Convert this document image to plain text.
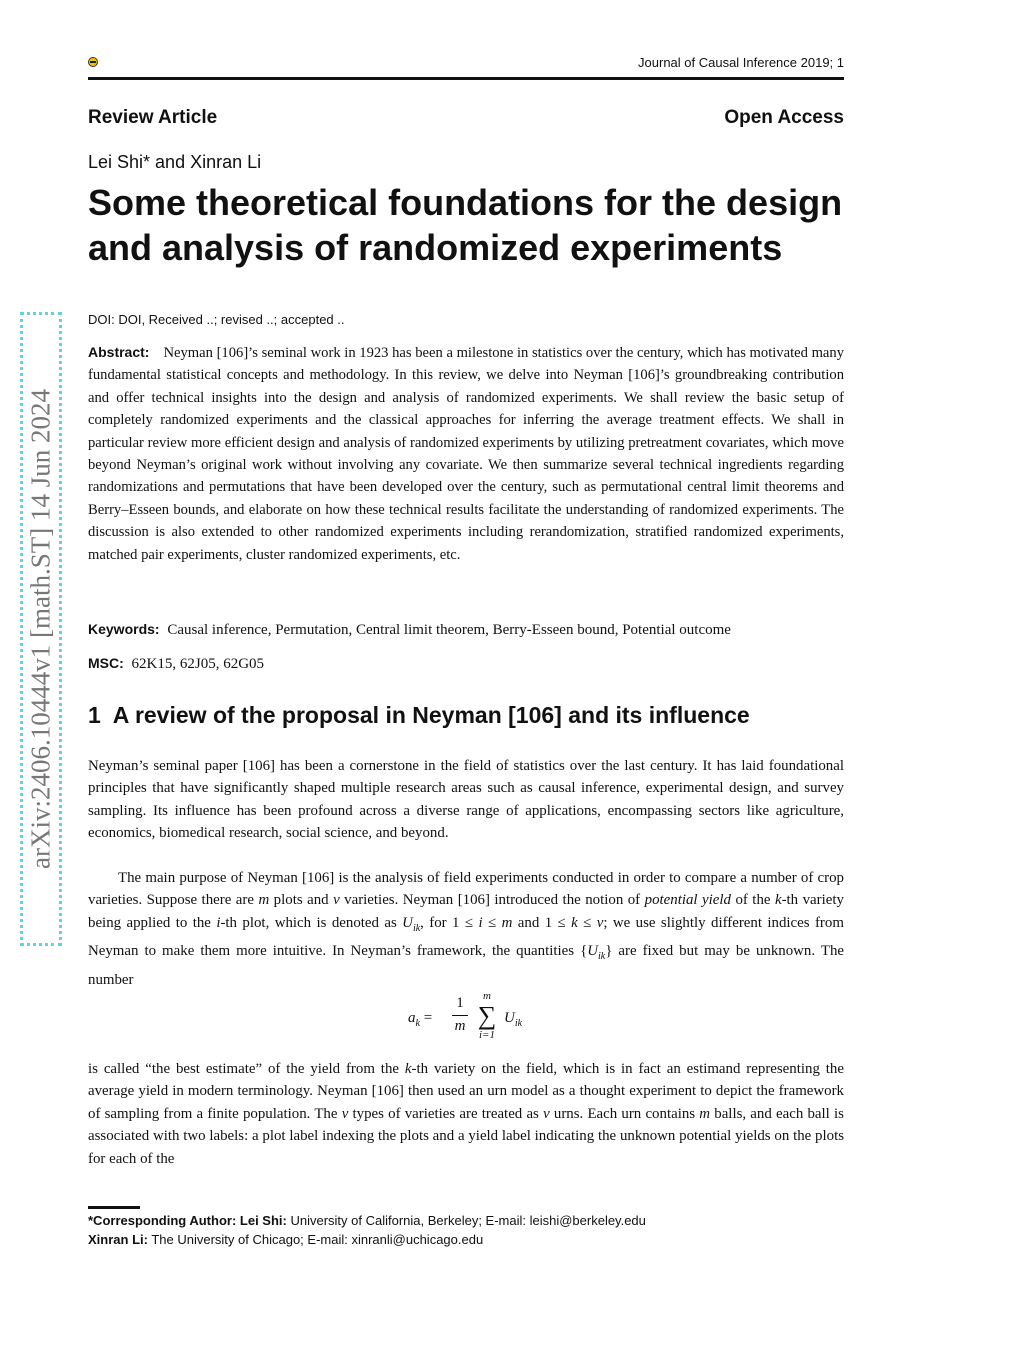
Journal of Causal Inference 2019; 1
Review Article	Open Access
Lei Shi* and Xinran Li
Some theoretical foundations for the design and analysis of randomized experiments
arXiv:2406.10444v1 [math.ST] 14 Jun 2024
DOI: DOI, Received ..; revised ..; accepted ..
Abstract: Neyman [106]’s seminal work in 1923 has been a milestone in statistics over the century, which has motivated many fundamental statistical concepts and methodology. In this review, we delve into Neyman [106]’s groundbreaking contribution and offer technical insights into the design and analysis of randomized experiments. We shall review the basic setup of completely randomized experiments and the classical approaches for inferring the average treatment effects. We shall in particular review more efficient design and analysis of randomized experiments by utilizing pretreatment covariates, which move beyond Neyman’s original work without involving any covariate. We then summarize several technical ingredients regarding randomizations and permutations that have been developed over the century, such as permutational central limit theorems and Berry–Esseen bounds, and elaborate on how these technical results facilitate the understanding of randomized experiments. The discussion is also extended to other randomized experiments including rerandomization, stratified randomized experiments, matched pair experiments, cluster randomized experiments, etc.
Keywords: Causal inference, Permutation, Central limit theorem, Berry-Esseen bound, Potential outcome
MSC: 62K15, 62J05, 62G05
1 A review of the proposal in Neyman [106] and its influence
Neyman’s seminal paper [106] has been a cornerstone in the field of statistics over the last century. It has laid foundational principles that have significantly shaped multiple research areas such as causal inference, experimental design, and survey sampling. Its influence has been profound across a diverse range of applications, encompassing sectors like agriculture, economics, biomedical research, social science, and beyond.
The main purpose of Neyman [106] is the analysis of field experiments conducted in order to compare a number of crop varieties. Suppose there are m plots and ν varieties. Neyman [106] introduced the notion of potential yield of the k-th variety being applied to the i-th plot, which is denoted as $U_{ik}$, for 1 ≤ i ≤ m and 1 ≤ k ≤ ν; we use slightly different indices from Neyman to make them more intuitive. In Neyman’s framework, the quantities $\{U_{ik}\}$ are fixed but may be unknown. The number
$a_k$ =
1
m
m
∑
i=1
$U_{ik}$
is called “the best estimate” of the yield from the k-th variety on the field, which is in fact an estimand representing the average yield in modern terminology. Neyman [106] then used an urn model as a thought experiment to depict the framework of sampling from a finite population. The ν types of varieties are treated as ν urns. Each urn contains m balls, and each ball is associated with two labels: a plot label indexing the plots and a yield label indicating the unknown potential yields on the plots for each of the
*Corresponding Author: Lei Shi: University of California, Berkeley; E-mail: leishi@berkeley.edu
Xinran Li: The University of Chicago; E-mail: xinranli@uchicago.edu
